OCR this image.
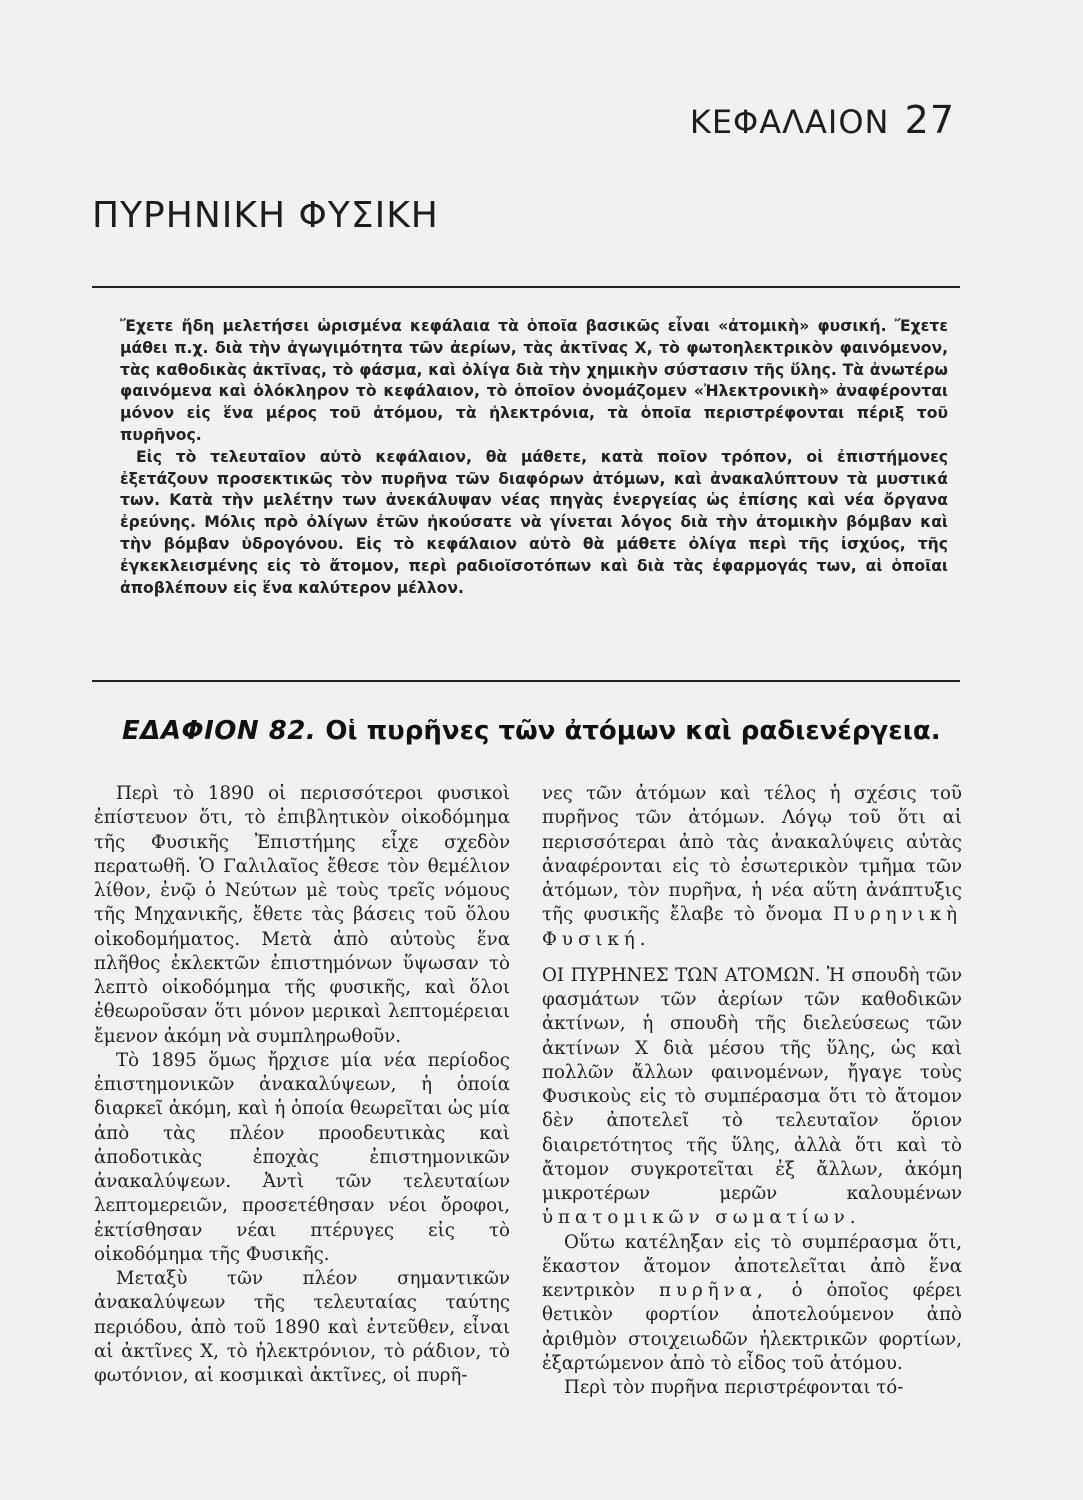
ΚΕΦΑΛΑΙΟΝ 27
ΠΥΡΗΝΙΚΗ ΦΥΣΙΚΗ

Ἔχετε ἤδη μελετήσει ὡρισμένα κεφάλαια τὰ ὁποῖα βασικῶς εἶναι «ἀτομικὴ» φυσική. Ἔχετε μάθει π.χ. διὰ τὴν ἀγωγιμότητα τῶν ἀερίων, τὰς ἀκτῖνας Χ, τὸ φωτοηλεκτρικὸν φαινόμενον, τὰς καθοδικὰς ἀκτῖνας, τὸ φάσμα, καὶ ὀλίγα διὰ τὴν χημικὴν σύστασιν τῆς ὕλης. Τὰ ἀνωτέρω φαινόμενα καὶ ὁλόκληρον τὸ κεφάλαιον, τὸ ὁποῖον ὀνομάζομεν «Ἠλεκτρονικὴ» ἀναφέρονται μόνον εἰς ἕνα μέρος τοῦ ἀτόμου, τὰ ἠλεκτρόνια, τὰ ὁποῖα περιστρέφονται πέριξ τοῦ πυρῆνος.

Εἰς τὸ τελευταῖον αὐτὸ κεφάλαιον, θὰ μάθετε, κατὰ ποῖον τρόπον, οἱ ἐπιστήμονες ἐξετάζουν προσεκτικῶς τὸν πυρῆνα τῶν διαφόρων ἀτόμων, καὶ ἀνακαλύπτουν τὰ μυστικά των. Κατὰ τὴν μελέτην των ἀνεκάλυψαν νέας πηγὰς ἐνεργείας ὡς ἐπίσης καὶ νέα ὄργανα ἐρεύνης. Μόλις πρὸ ὀλίγων ἐτῶν ἠκούσατε νὰ γίνεται λόγος διὰ τὴν ἀτομικὴν βόμβαν καὶ τὴν βόμβαν ὑδρογόνου. Εἰς τὸ κεφάλαιον αὐτὸ θὰ μάθετε ὀλίγα περὶ τῆς ἰσχύος, τῆς ἐγκεκλεισμένης εἰς τὸ ἄτομον, περὶ ραδιοϊσοτόπων καὶ διὰ τὰς ἐφαρμογάς των, αἱ ὁποῖαι ἀποβλέπουν εἰς ἕνα καλύτερον μέλλον.

ΕΔΑΦΙΟΝ 82. Οἱ πυρῆνες τῶν ἀτόμων καὶ ραδιενέργεια.

Περὶ τὸ 1890 οἱ περισσότεροι φυσικοὶ ἐπίστευον ὅτι, τὸ ἐπιβλητικὸν οἰκοδόμημα τῆς Φυσικῆς Ἐπιστήμης εἶχε σχεδὸν περατωθῆ. Ὁ Γαλιλαῖος ἔθεσε τὸν θεμέλιον λίθον, ἐνῷ ὁ Νεύτων μὲ τοὺς τρεῖς νόμους τῆς Μηχανικῆς, ἔθετε τὰς βάσεις τοῦ ὅλου οἰκοδομήματος. Μετὰ ἀπὸ αὐτοὺς ἕνα πλῆθος ἐκλεκτῶν ἐπιστημόνων ὕψωσαν τὸ λεπτὸ οἰκοδόμημα τῆς φυσικῆς, καὶ ὅλοι ἐθεωροῦσαν ὅτι μόνον μερικαὶ λεπτομέρειαι ἔμενον ἀκόμη νὰ συμπληρωθοῦν.

Τὸ 1895 ὅμως ἤρχισε μία νέα περίοδος ἐπιστημονικῶν ἀνακαλύψεων, ἡ ὁποία διαρκεῖ ἀκόμη, καὶ ἡ ὁποία θεωρεῖται ὡς μία ἀπὸ τὰς πλέον προοδευτικὰς καὶ ἀποδοτικὰς ἐποχὰς ἐπιστημονικῶν ἀνακαλύψεων. Ἀντὶ τῶν τελευταίων λεπτομερειῶν, προσετέθησαν νέοι ὄροφοι, ἐκτίσθησαν νέαι πτέρυγες εἰς τὸ οἰκοδόμημα τῆς Φυσικῆς.

Μεταξὺ τῶν πλέον σημαντικῶν ἀνακαλύψεων τῆς τελευταίας ταύτης περιόδου, ἀπὸ τοῦ 1890 καὶ ἐντεῦθεν, εἶναι αἱ ἀκτῖνες Χ, τὸ ἠλεκτρόνιον, τὸ ράδιον, τὸ φωτόνιον, αἱ κοσμικαὶ ἀκτῖνες, οἱ πυρῆ-

νες τῶν ἀτόμων καὶ τέλος ἡ σχέσις τοῦ πυρῆνος τῶν ἀτόμων. Λόγῳ τοῦ ὅτι αἱ περισσότεραι ἀπὸ τὰς ἀνακαλύψεις αὐτὰς ἀναφέρονται εἰς τὸ ἐσωτερικὸν τμῆμα τῶν ἀτόμων, τὸν πυρῆνα, ἡ νέα αὕτη ἀνάπτυξις τῆς φυσικῆς ἔλαβε τὸ ὄνομα Πυρηνικὴ Φυσική.

ΟΙ ΠΥΡΗΝΕΣ ΤΩΝ ΑΤΟΜΩΝ. Ἡ σπουδὴ τῶν φασμάτων τῶν ἀερίων τῶν καθοδικῶν ἀκτίνων, ἡ σπουδὴ τῆς διελεύσεως τῶν ἀκτίνων Χ διὰ μέσου τῆς ὕλης, ὡς καὶ πολλῶν ἄλλων φαινομένων, ἤγαγε τοὺς Φυσικοὺς εἰς τὸ συμπέρασμα ὅτι τὸ ἄτομον δὲν ἀποτελεῖ τὸ τελευταῖον ὅριον διαιρετότητος τῆς ὕλης, ἀλλὰ ὅτι καὶ τὸ ἄτομον συγκροτεῖται ἐξ ἄλλων, ἀκόμη μικροτέρων μερῶν καλουμένων ὑπατομικῶν σωματίων.

Οὕτω κατέληξαν εἰς τὸ συμπέρασμα ὅτι, ἕκαστον ἄτομον ἀποτελεῖται ἀπὸ ἕνα κεντρικὸν πυρῆνα, ὁ ὁποῖος φέρει θετικὸν φορτίον ἀποτελούμενον ἀπὸ ἀριθμὸν στοιχειωδῶν ἠλεκτρικῶν φορτίων, ἐξαρτώμενον ἀπὸ τὸ εἶδος τοῦ ἀτόμου.

Περὶ τὸν πυρῆνα περιστρέφονται τό-
